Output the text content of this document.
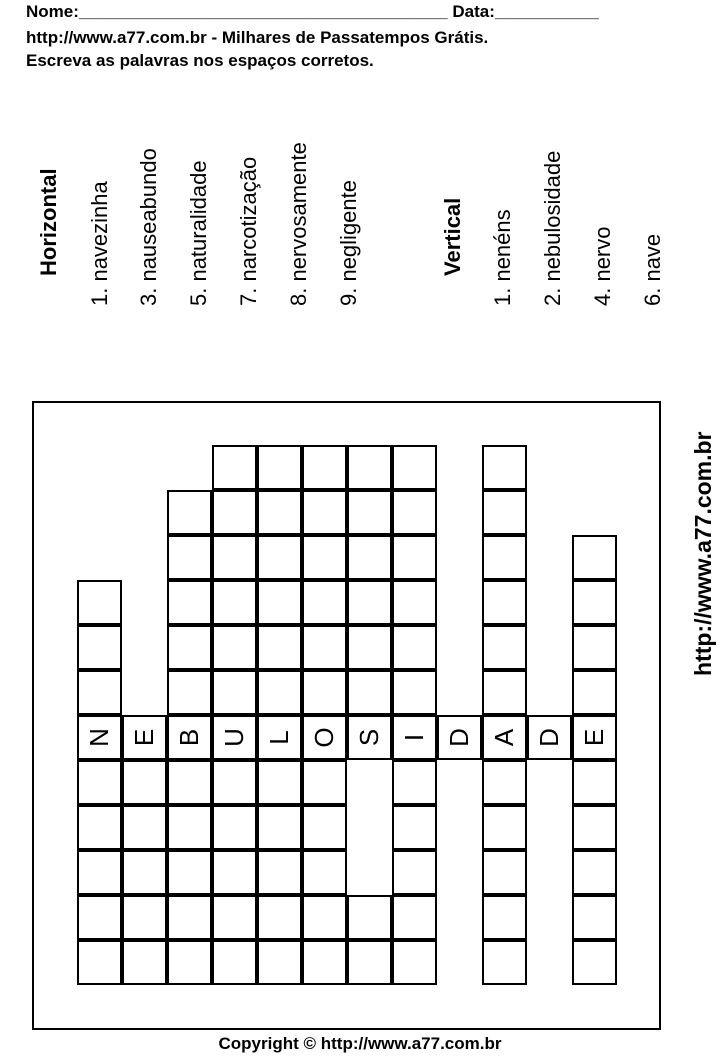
Nome:_______________________________________ Data:___________
http://www.a77.com.br - Milhares de Passatempos Grátis.
Escreva as palavras nos espaços corretos.
Horizontal 1. navezinha 3. nauseabundo 5. naturalidade 7. narcotização 8. nervosamente 9. negligente	Vertical 1. nenéns 2. nebulosidade 4. nervo 6. nave
http://www.a77.com.br
N E B U L O S I D A D E
Copyright © http://www.a77.com.br
